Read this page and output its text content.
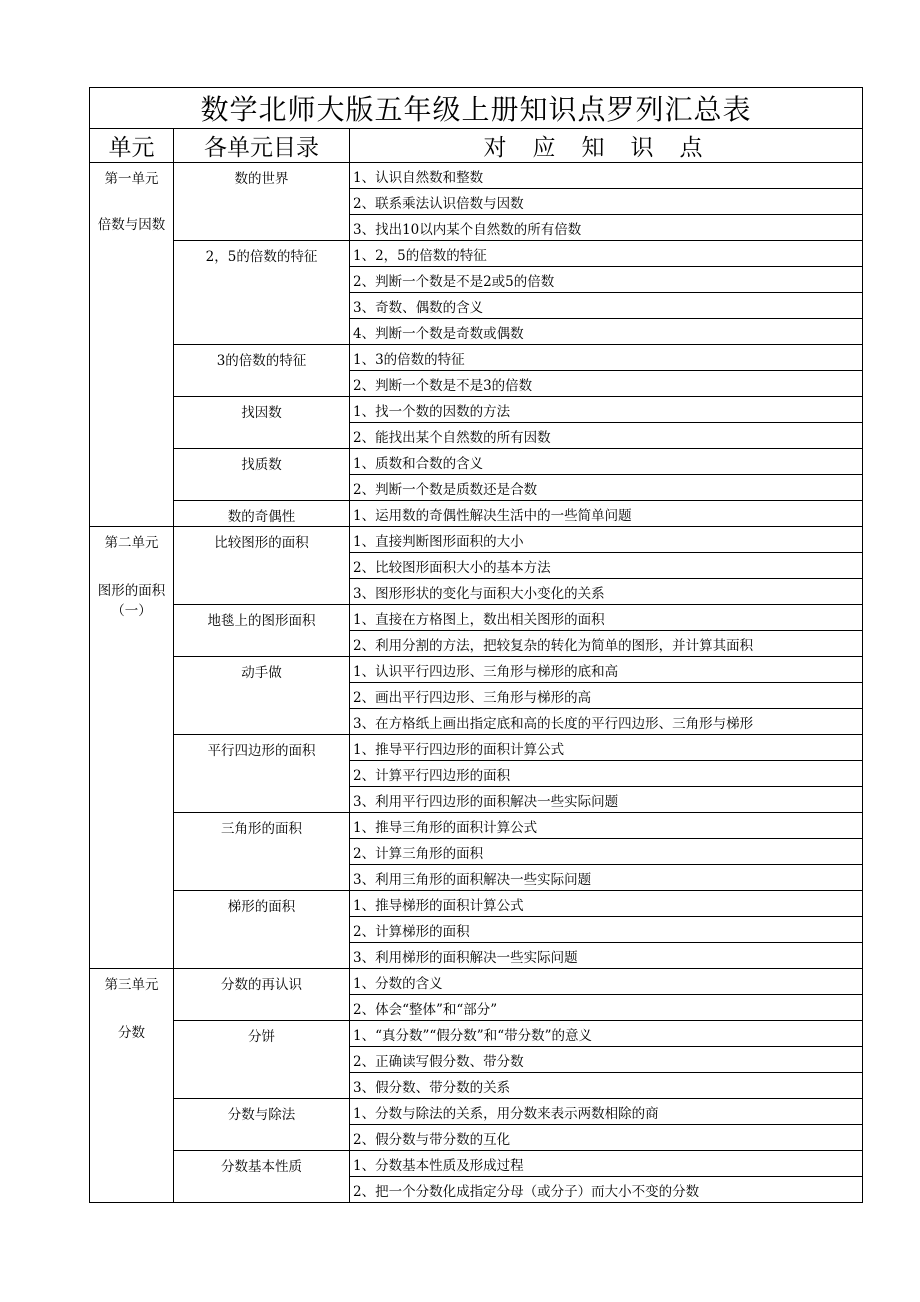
数学北师大版五年级上册知识点罗列汇总表		
单元	各单元目录	对应知识点

第一单元
倍数与因数	数的世界	1、认识自然数和整数
		2、联系乘法认识倍数与因数
		3、找出10以内某个自然数的所有倍数
	2，5的倍数的特征	1、2，5的倍数的特征
		2、判断一个数是不是2或5的倍数
		3、奇数、偶数的含义
		4、判断一个数是奇数或偶数
	3的倍数的特征	1、3的倍数的特征
		2、判断一个数是不是3的倍数
	找因数	1、找一个数的因数的方法
		2、能找出某个自然数的所有因数
	找质数	1、质数和合数的含义
		2、判断一个数是质数还是合数
	数的奇偶性	1、运用数的奇偶性解决生活中的一些简单问题

第二单元
图形的面积（一）	比较图形的面积	1、直接判断图形面积的大小
		2、比较图形面积大小的基本方法
		3、图形形状的变化与面积大小变化的关系
	地毯上的图形面积	1、直接在方格图上，数出相关图形的面积
		2、利用分割的方法，把较复杂的转化为简单的图形，并计算其面积
	动手做	1、认识平行四边形、三角形与梯形的底和高
		2、画出平行四边形、三角形与梯形的高
		3、在方格纸上画出指定底和高的长度的平行四边形、三角形与梯形
	平行四边形的面积	1、推导平行四边形的面积计算公式
		2、计算平行四边形的面积
		3、利用平行四边形的面积解决一些实际问题
	三角形的面积	1、推导三角形的面积计算公式
		2、计算三角形的面积
		3、利用三角形的面积解决一些实际问题
	梯形的面积	1、推导梯形的面积计算公式
		2、计算梯形的面积
		3、利用梯形的面积解决一些实际问题

第三单元
分数	分数的再认识	1、分数的含义
		2、体会“整体”和“部分”
	分饼	1、“真分数”“假分数”和“带分数”的意义
		2、正确读写假分数、带分数
		3、假分数、带分数的关系
	分数与除法	1、分数与除法的关系，用分数来表示两数相除的商
		2、假分数与带分数的互化
	分数基本性质	1、分数基本性质及形成过程
		2、把一个分数化成指定分母（或分子）而大小不变的分数
